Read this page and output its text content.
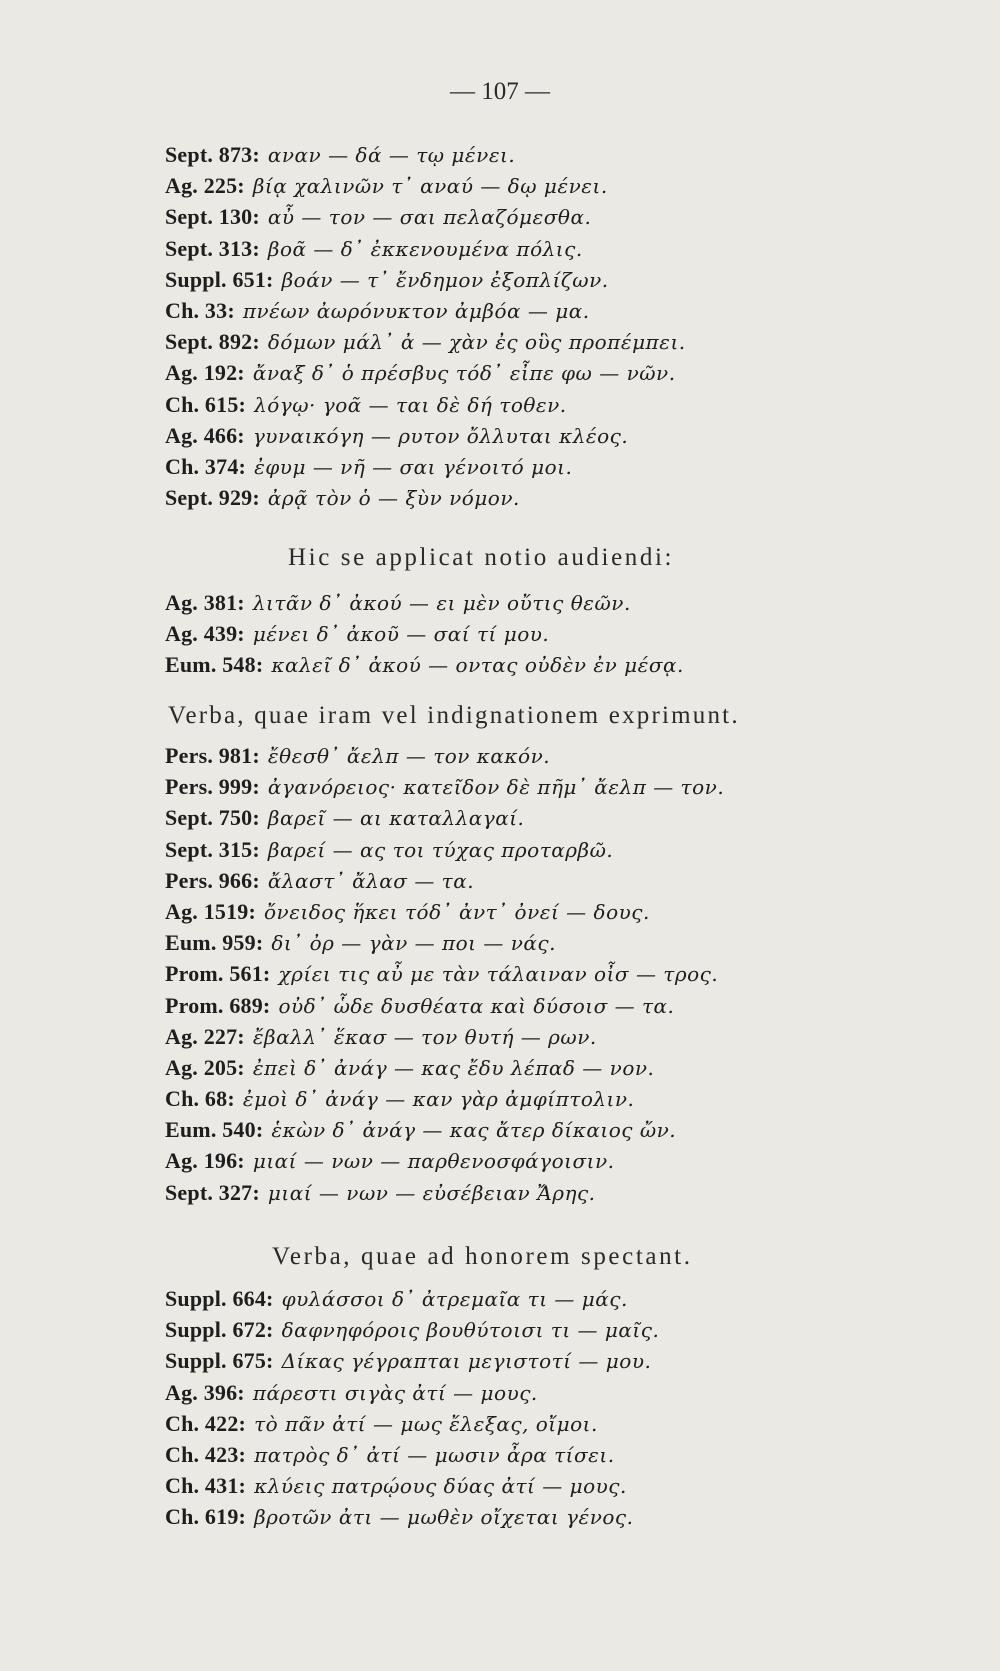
— 107 —
Sept. 873: αναν — δά — τῳ μένει.
Ag. 225: βίᾳ χαλινῶν τ᾽ αναύ — δῳ μένει.
Sept. 130: αὖ — τον — σαι πελαζόμεσθα.
Sept. 313: βοᾶ — δ᾽ ἐκκενουμένα πόλις.
Suppl. 651: βοάν — τ᾽ ἔνδημον ἐξοπλίζων.
Ch. 33: πνέων ἀωρόνυκτον ἀμβόα — μα.
Sept. 892: δόμων μάλ᾽ ἀ — χὰν ἐς οὓς προπέμπει.
Ag. 192: ἄναξ δ᾽ ὁ πρέσβυς τόδ᾽ εἶπε φω — νῶν.
Ch. 615: λόγῳ· γοᾶ — ται δὲ δή τοθεν.
Ag. 466: γυναικόγη — ρυτον ὄλλυται κλέος.
Ch. 374: ἐφυμ — νῆ — σαι γένοιτό μοι.
Sept. 929: ἀρᾷ τὸν ὁ — ξὺν νόμον.
Hic se applicat notio audiendi:
Ag. 381: λιτᾶν δ᾽ ἀκού — ει μὲν οὔτις θεῶν.
Ag. 439: μένει δ᾽ ἀκοῦ — σαί τί μου.
Eum. 548: καλεῖ δ᾽ ἀκού — οντας οὐδὲν ἐν μέσᾳ.
Verba, quae iram vel indignationem exprimunt.
Pers. 981: ἔθεσθ᾽ ἄελπ — τον κακόν.
Pers. 999: ἀγανόρειος· κατεῖδον δὲ πῆμ᾽ ἄελπ — τον.
Sept. 750: βαρεῖ — αι καταλλαγαί.
Sept. 315: βαρεί — ας τοι τύχας προταρβῶ.
Pers. 966: ἄλαστ᾽ ἄλασ — τα.
Ag. 1519: ὄνειδος ἥκει τόδ᾽ ἀντ᾽ ὀνεί — δους.
Eum. 959: δι᾽ ὀρ — γὰν — ποι — νάς.
Prom. 561: χρίει τις αὖ με τὰν τάλαιναν οἶσ — τρος.
Prom. 689: οὐδ᾽ ὧδε δυσθέατα καὶ δύσοισ — τα.
Ag. 227: ἔβαλλ᾽ ἕκασ — τον θυτή — ρων.
Ag. 205: ἐπεὶ δ᾽ ἀνάγ — κας ἔδυ λέπαδ — νον.
Ch. 68: ἐμοὶ δ᾽ ἀνάγ — καν γὰρ ἀμφίπτολιν.
Eum. 540: ἑκὼν δ᾽ ἀνάγ — κας ἄτερ δίκαιος ὤν.
Ag. 196: μιαί — νων — παρθενοσφάγοισιν.
Sept. 327: μιαί — νων — εὐσέβειαν Ἄρης.
Verba, quae ad honorem spectant.
Suppl. 664: φυλάσσοι δ᾽ ἀτρεμαῖα τι — μάς.
Suppl. 672: δαφνηφόροις βουθύτοισι τι — μαῖς.
Suppl. 675: Δίκας γέγραπται μεγιστοτί — μου.
Ag. 396: πάρεστι σιγὰς ἀτί — μους.
Ch. 422: τὸ πᾶν ἀτί — μως ἔλεξας, οἴμοι.
Ch. 423: πατρὸς δ᾽ ἀτί — μωσιν ἆρα τίσει.
Ch. 431: κλύεις πατρῴους δύας ἀτί — μους.
Ch. 619: βροτῶν ἀτι — μωθὲν οἴχεται γένος.
